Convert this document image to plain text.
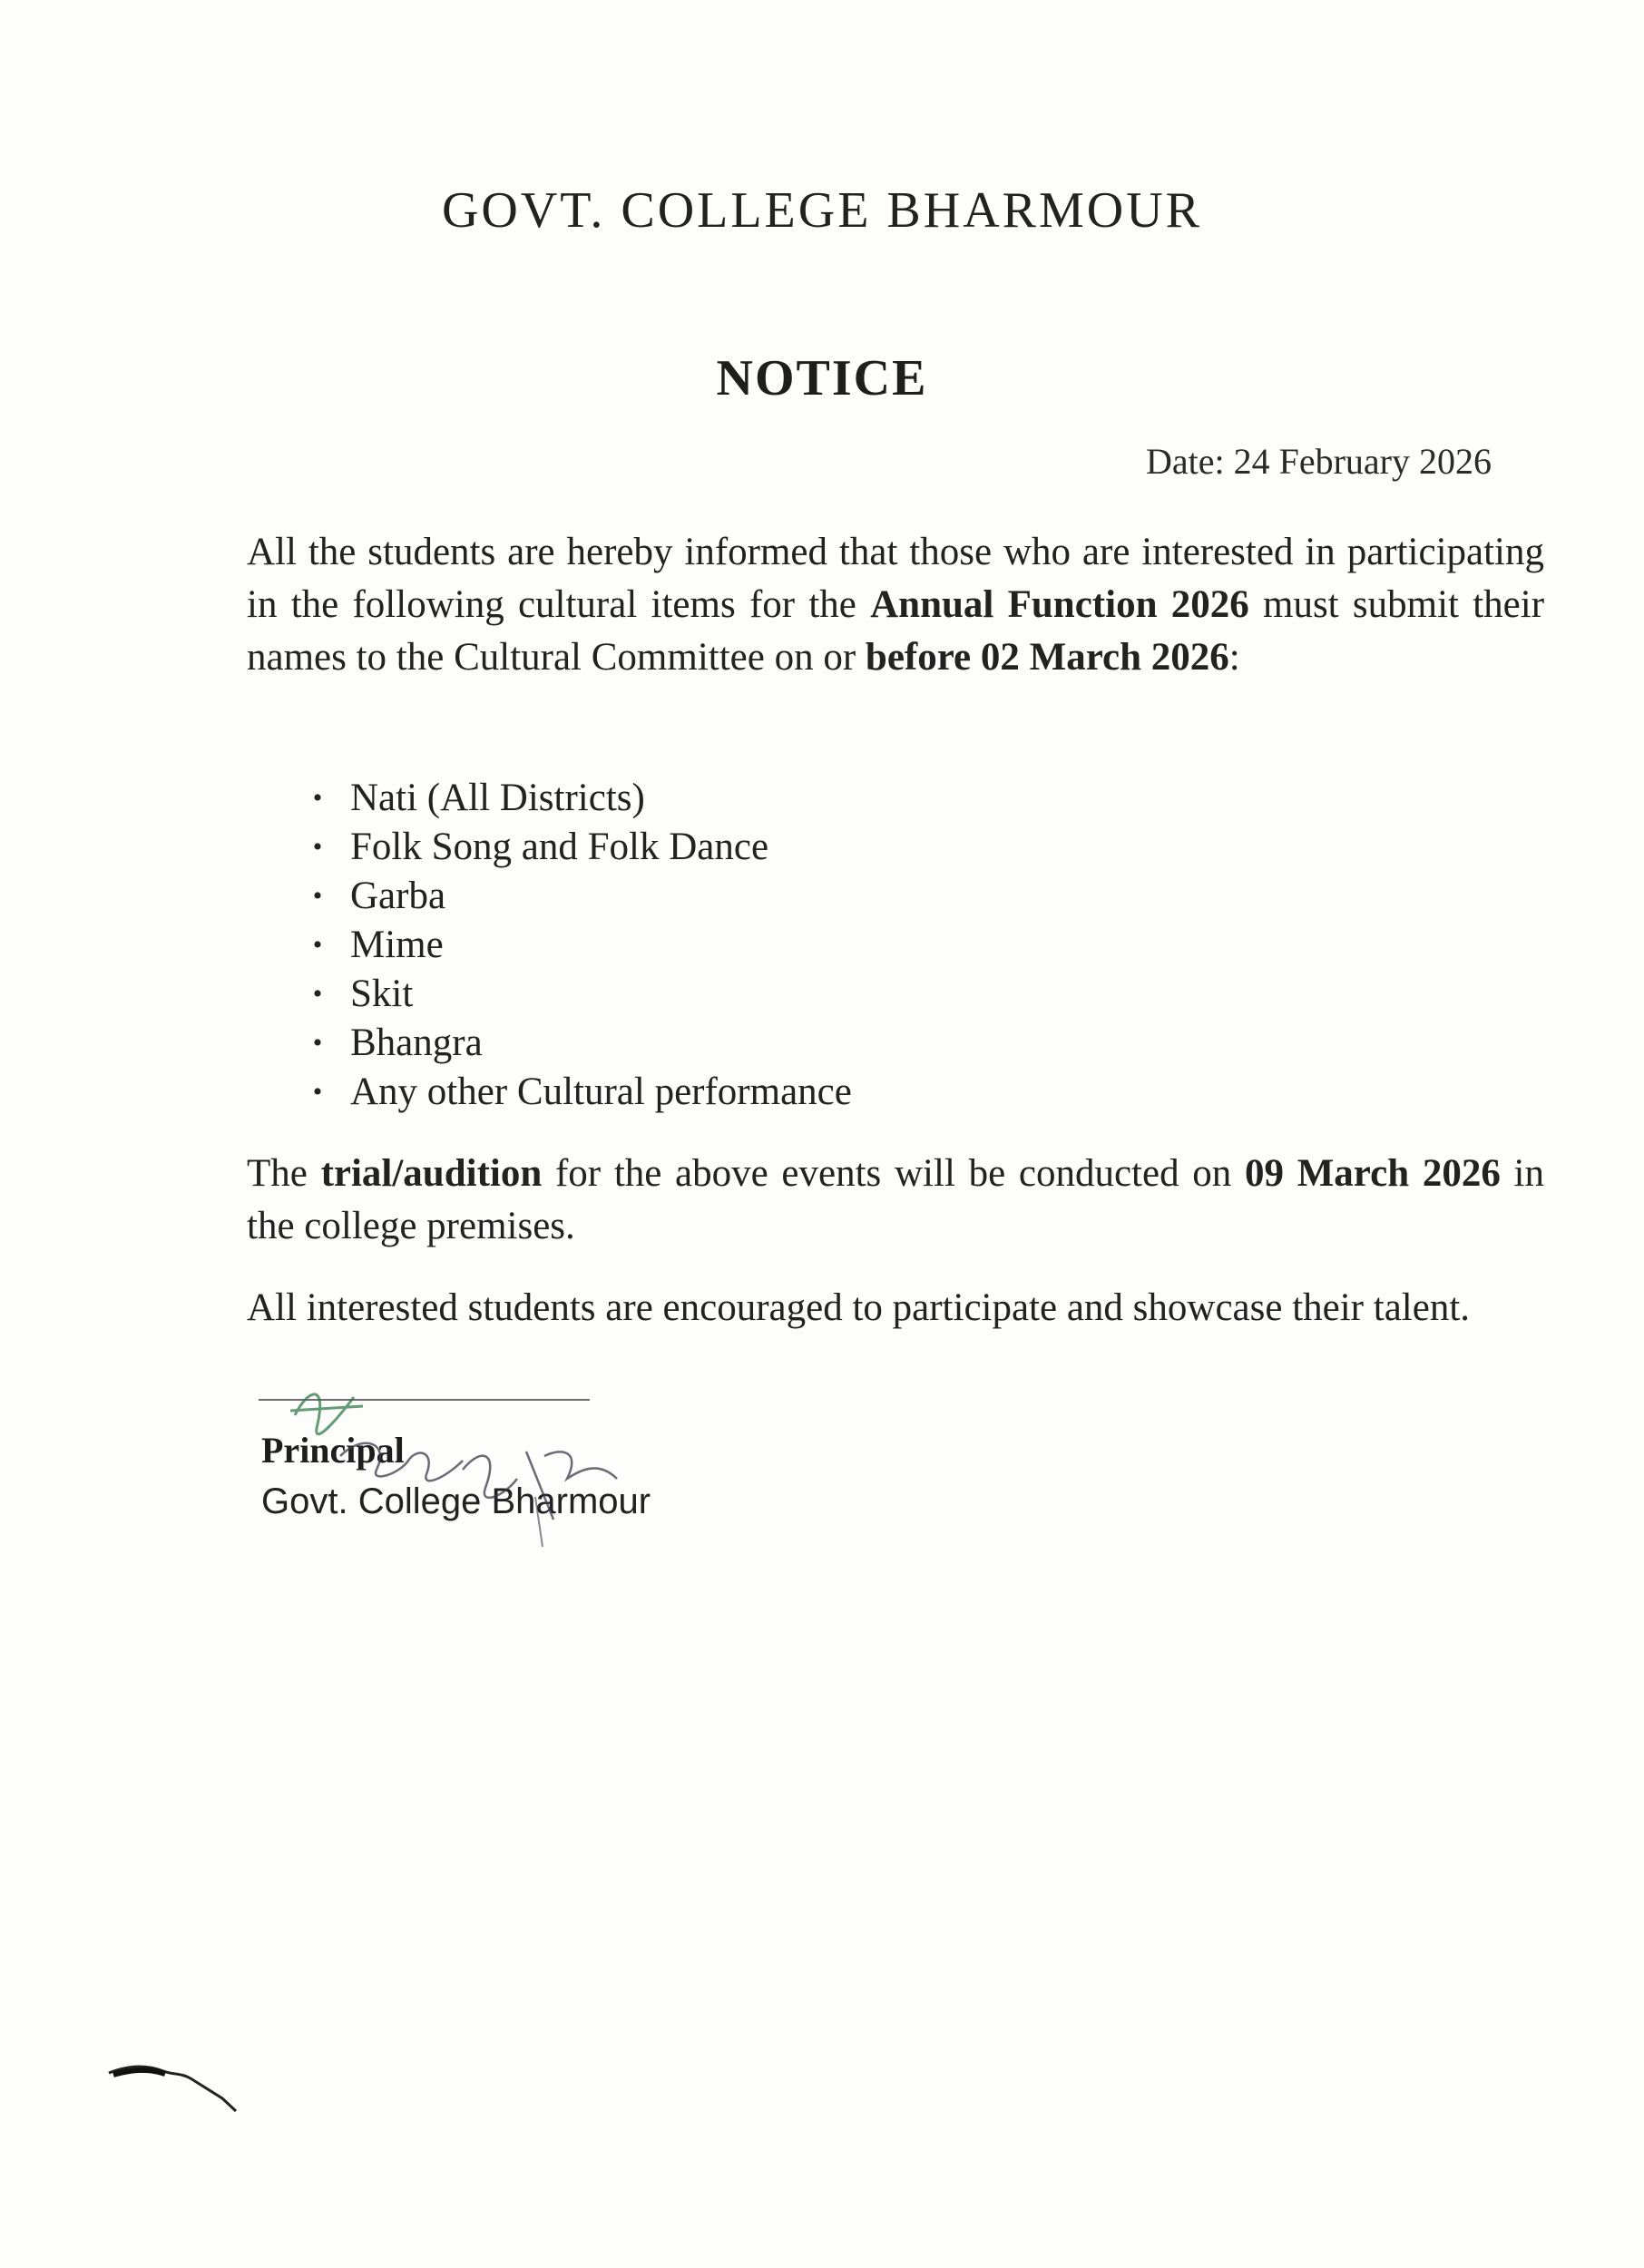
GOVT. COLLEGE BHARMOUR
NOTICE
Date: 24 February 2026

All the students are hereby informed that those who are interested in participating in the following cultural items for the Annual Function 2026 must submit their names to the Cultural Committee on or before 02 March 2026:

• Nati (All Districts)
• Folk Song and Folk Dance
• Garba
• Mime
• Skit
• Bhangra
• Any other Cultural performance

The trial/audition for the above events will be conducted on 09 March 2026 in the college premises.

All interested students are encouraged to participate and showcase their talent.

Principal
Govt. College Bharmour
